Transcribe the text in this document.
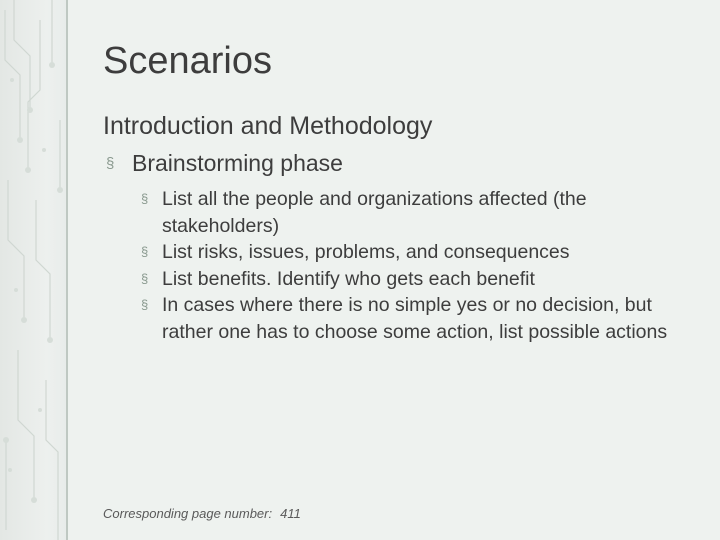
Scenarios
Introduction and Methodology
§ Brainstorming phase
§ List all the people and organizations affected (the stakeholders)
§ List risks, issues, problems, and consequences
§ List benefits. Identify who gets each benefit
§ In cases where there is no simple yes or no decision, but rather one has to choose some action, list possible actions
Corresponding page number: 411
